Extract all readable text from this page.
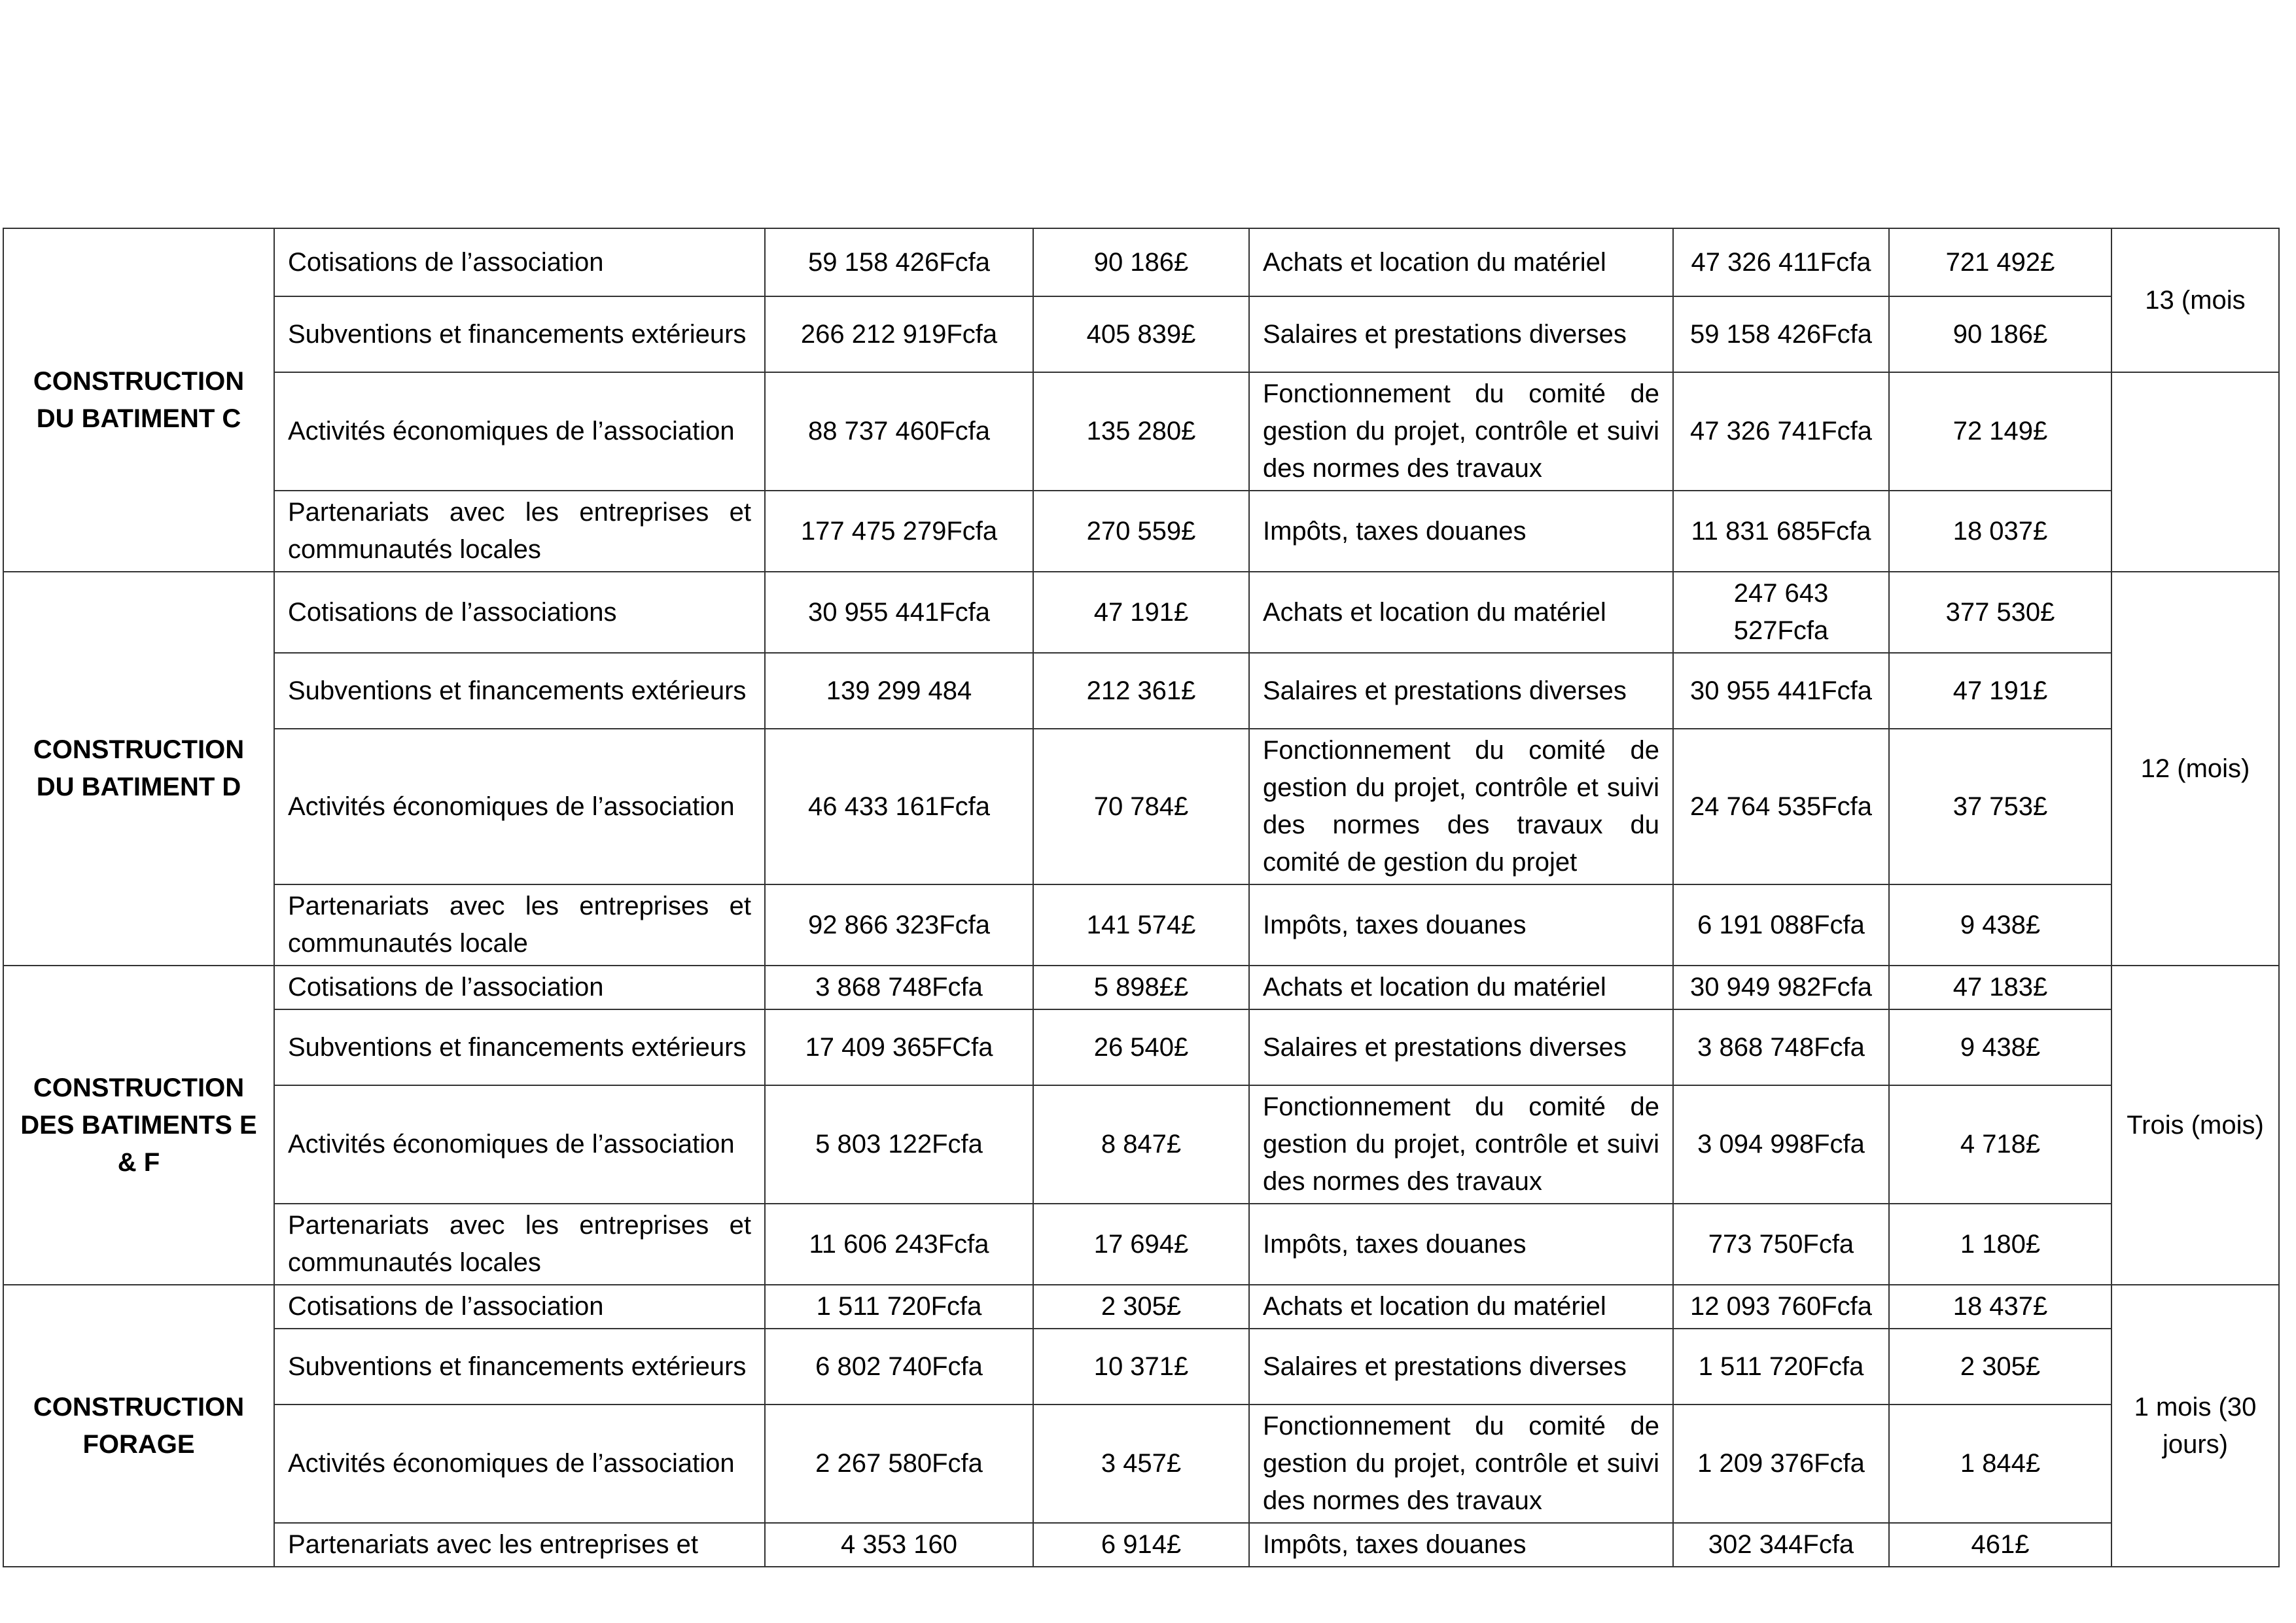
CONSTRUCTION DU BATIMENT C	Cotisations de l’association	59 158 426Fcfa	90 186£	Achats et location du matériel	47 326 411Fcfa	721 492£	13 (mois
	Subventions et financements extérieurs	266 212 919Fcfa	405 839£	Salaires et prestations diverses	59 158 426Fcfa	90 186£	
	Activités économiques de l’association	88 737 460Fcfa	135 280£	Fonctionnement du comité de gestion du projet, contrôle et suivi des normes des travaux	47 326 741Fcfa	72 149£	
	Partenariats avec les entreprises et communautés locales	177 475 279Fcfa	270 559£	Impôts, taxes douanes	11 831 685Fcfa	18 037£	
CONSTRUCTION DU BATIMENT D	Cotisations de l’associations	30 955 441Fcfa	47 191£	Achats et location du matériel	247 643 527Fcfa	377 530£	12 (mois)
	Subventions et financements extérieurs	139 299 484	212 361£	Salaires et prestations diverses	30 955 441Fcfa	47 191£	
	Activités économiques de l’association	46 433 161Fcfa	70 784£	Fonctionnement du comité de gestion du projet, contrôle et suivi des normes des travaux du comité de gestion du projet	24 764 535Fcfa	37 753£	
	Partenariats avec les entreprises et communautés locale	92 866 323Fcfa	141 574£	Impôts, taxes douanes	6 191 088Fcfa	9 438£	
CONSTRUCTION DES BATIMENTS E & F	Cotisations de l’association	3 868 748Fcfa	5 898££	Achats et location du matériel	30 949 982Fcfa	47 183£	Trois (mois)
	Subventions et financements extérieurs	17 409 365FCfa	26 540£	Salaires et prestations diverses	3 868 748Fcfa	9 438£	
	Activités économiques de l’association	5 803 122Fcfa	8 847£	Fonctionnement du comité de gestion du projet, contrôle et suivi des normes des travaux	3 094 998Fcfa	4 718£	
	Partenariats avec les entreprises et communautés locales	11 606 243Fcfa	17 694£	Impôts, taxes douanes	773 750Fcfa	1 180£	
CONSTRUCTION FORAGE	Cotisations de l’association	1 511 720Fcfa	2 305£	Achats et location du matériel	12 093 760Fcfa	18 437£	1 mois (30 jours)
	Subventions et financements extérieurs	6 802 740Fcfa	10 371£	Salaires et prestations diverses	1 511 720Fcfa	2 305£	
	Activités économiques de l’association	2 267 580Fcfa	3 457£	Fonctionnement du comité de gestion du projet, contrôle et suivi des normes des travaux	1 209 376Fcfa	1 844£	
	Partenariats avec les entreprises et	4 353 160	6 914£	Impôts, taxes douanes	302 344Fcfa	461£	
